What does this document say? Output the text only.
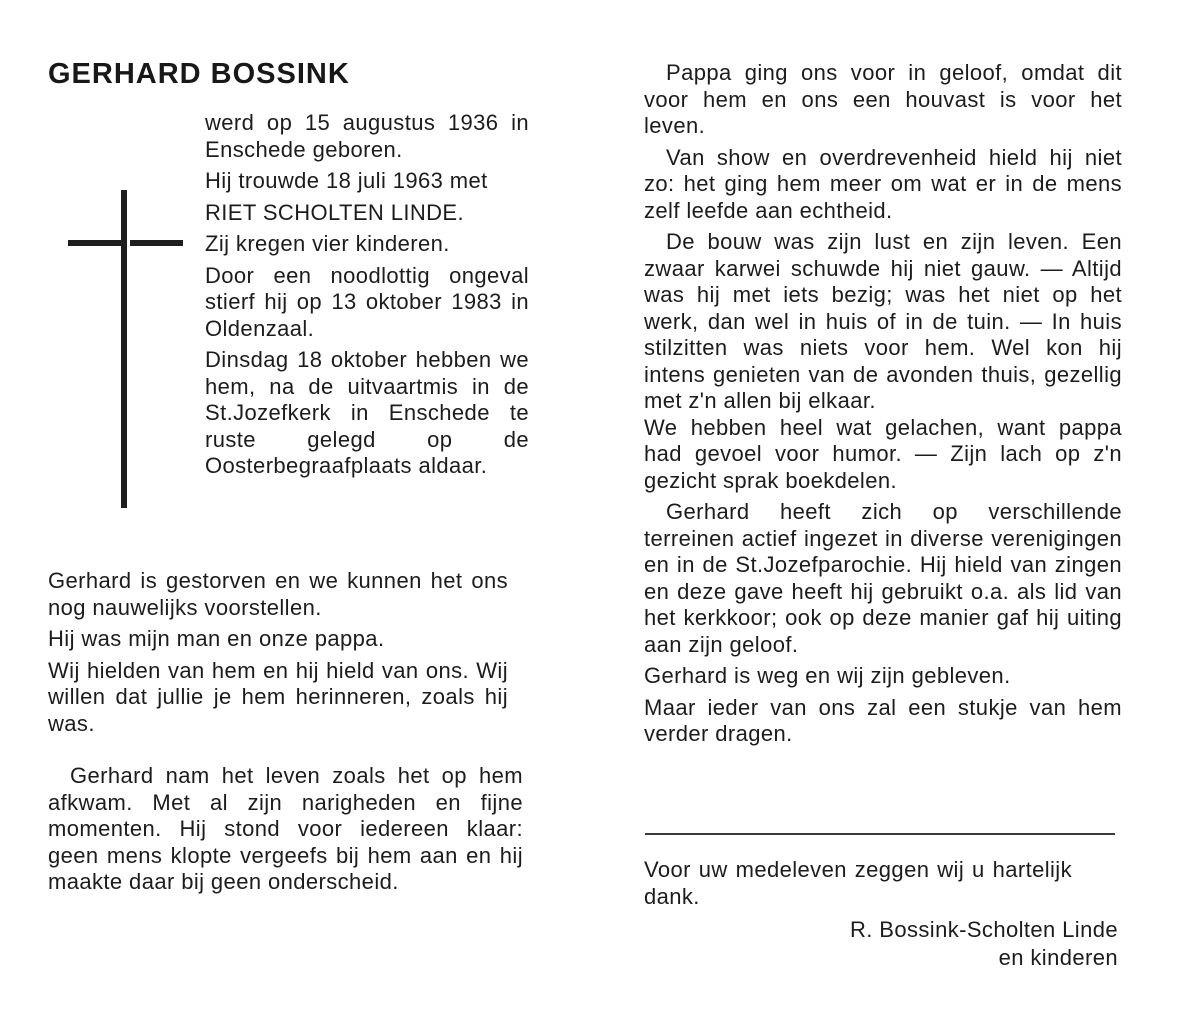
GERHARD BOSSINK

werd op 15 augustus 1936 in Enschede geboren.

Hij trouwde 18 juli 1963 met

RIET SCHOLTEN LINDE.

Zij kregen vier kinderen.

Door een noodlottig ongeval stierf hij op 13 oktober 1983 in Oldenzaal.

Dinsdag 18 oktober hebben we hem, na de uitvaartmis in de St.Jozefkerk in Enschede te ruste gelegd op de Oosterbegraafplaats aldaar.

Gerhard is gestorven en we kunnen het ons nog nauwelijks voorstellen.

Hij was mijn man en onze pappa.

Wij hielden van hem en hij hield van ons. Wij willen dat jullie je hem herinneren, zoals hij was.

Gerhard nam het leven zoals het op hem afkwam. Met al zijn narigheden en fijne momenten. Hij stond voor iedereen klaar: geen mens klopte vergeefs bij hem aan en hij maakte daar bij geen onderscheid.

Pappa ging ons voor in geloof, omdat dit voor hem en ons een houvast is voor het leven.

Van show en overdrevenheid hield hij niet zo: het ging hem meer om wat er in de mens zelf leefde aan echtheid.

De bouw was zijn lust en zijn leven. Een zwaar karwei schuwde hij niet gauw. — Altijd was hij met iets bezig; was het niet op het werk, dan wel in huis of in de tuin. — In huis stilzitten was niets voor hem. Wel kon hij intens genieten van de avonden thuis, gezellig met z'n allen bij elkaar.

We hebben heel wat gelachen, want pappa had gevoel voor humor. — Zijn lach op z'n gezicht sprak boekdelen.

Gerhard heeft zich op verschillende terreinen actief ingezet in diverse verenigingen en in de St.Jozefparochie. Hij hield van zingen en deze gave heeft hij gebruikt o.a. als lid van het kerkkoor; ook op deze manier gaf hij uiting aan zijn geloof.

Gerhard is weg en wij zijn gebleven.

Maar ieder van ons zal een stukje van hem verder dragen.

Voor uw medeleven zeggen wij u hartelijk dank.

R. Bossink-Scholten Linde
en kinderen
